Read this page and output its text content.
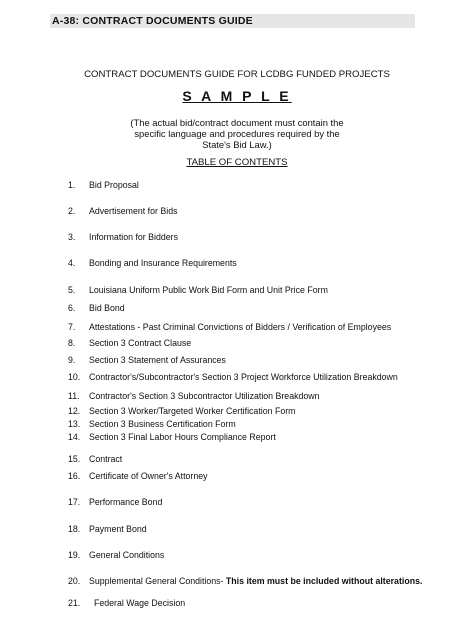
A-38: CONTRACT DOCUMENTS GUIDE
CONTRACT DOCUMENTS GUIDE FOR LCDBG FUNDED PROJECTS
S A M P L E
(The actual bid/contract document must contain the
specific language and procedures required by the
State's Bid Law.)
TABLE OF CONTENTS
1. Bid Proposal
2. Advertisement for Bids
3. Information for Bidders
4. Bonding and Insurance Requirements
5. Louisiana Uniform Public Work Bid Form and Unit Price Form
6. Bid Bond
7. Attestations - Past Criminal Convictions of Bidders / Verification of Employees
8. Section 3 Contract Clause
9. Section 3 Statement of Assurances
10. Contractor's/Subcontractor's Section 3 Project Workforce Utilization Breakdown
11. Contractor's Section 3 Subcontractor Utilization Breakdown
12. Section 3 Worker/Targeted Worker Certification Form
13. Section 3 Business Certification Form
14. Section 3 Final Labor Hours Compliance Report
15. Contract
16. Certificate of Owner's Attorney
17. Performance Bond
18. Payment Bond
19. General Conditions
20. Supplemental General Conditions- This item must be included without alterations.
21. Federal Wage Decision
